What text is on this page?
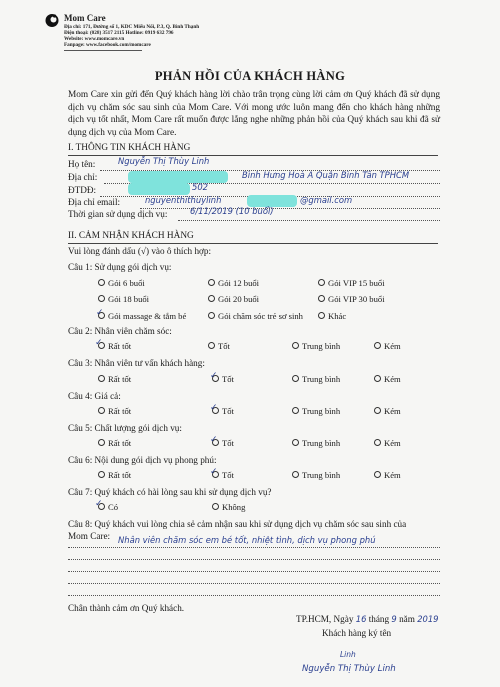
Mom Care
Địa chỉ: 171, Đường số 1, KDC Miếu Nổi, P.3, Q. Bình Thạnh
Điện thoại: (028) 3517 2115 Hotline: 0919 632 796
Website: www.momcare.vn
Fanpage: www.facebook.com/momcare
PHẢN HỒI CỦA KHÁCH HÀNG
Mom Care xin gửi đến Quý khách hàng lời chào trân trọng cùng lời cảm ơn Quý khách đã sử dụng dịch vụ chăm sóc sau sinh của Mom Care. Với mong ước luôn mang đến cho khách hàng những dịch vụ tốt nhất, Mom Care rất muốn được lắng nghe những phản hồi của Quý khách sau khi đã sử dụng dịch vụ của Mom Care.
I. THÔNG TIN KHÁCH HÀNG
Họ tên:	Nguyễn Thị Thùy Linh
Địa chỉ:	Bình Hưng Hoà A Quận Bình Tân TPHCM
ĐTDĐ:	502
Địa chỉ email:	nguyenthithuylinh	@gmail.com
Thời gian sử dụng dịch vụ:	6/11/2019 (10 buổi)
II. CẢM NHẬN KHÁCH HÀNG
Vui lòng đánh dấu (√) vào ô thích hợp:
Câu 1: Sử dụng gói dịch vụ:
Gói 6 buổi	Gói 12 buổi	Gói VIP 15 buổi
Gói 18 buổi	Gói 20 buổi	Gói VIP 30 buổi
Gói massage & tắm bé
✓	Gói chăm sóc trẻ sơ sinh	Khác
Câu 2: Nhân viên chăm sóc:
Rất tốt
✓	Tốt	Trung bình	Kém
Câu 3: Nhân viên tư vấn khách hàng:
Rất tốt	Tốt
✓	Trung bình	Kém
Câu 4: Giá cả:
Rất tốt	Tốt
✓	Trung bình	Kém
Câu 5: Chất lượng gói dịch vụ:
Rất tốt	Tốt
✓	Trung bình	Kém
Câu 6: Nội dung gói dịch vụ phong phú:
Rất tốt	Tốt
✓	Trung bình	Kém
Câu 7: Quý khách có hài lòng sau khi sử dụng dịch vụ?
Có
✓	Không
Câu 8: Quý khách vui lòng chia sẻ cảm nhận sau khi sử dụng dịch vụ chăm sóc sau sinh của Mom Care: Nhân viên chăm sóc em bé tốt, nhiệt tình, dịch vụ phong phú
Chân thành cảm ơn Quý khách.
TP.HCM, Ngày 16 tháng 9 năm 2019
Khách hàng ký tên
Linh
Nguyễn Thị Thùy Linh
